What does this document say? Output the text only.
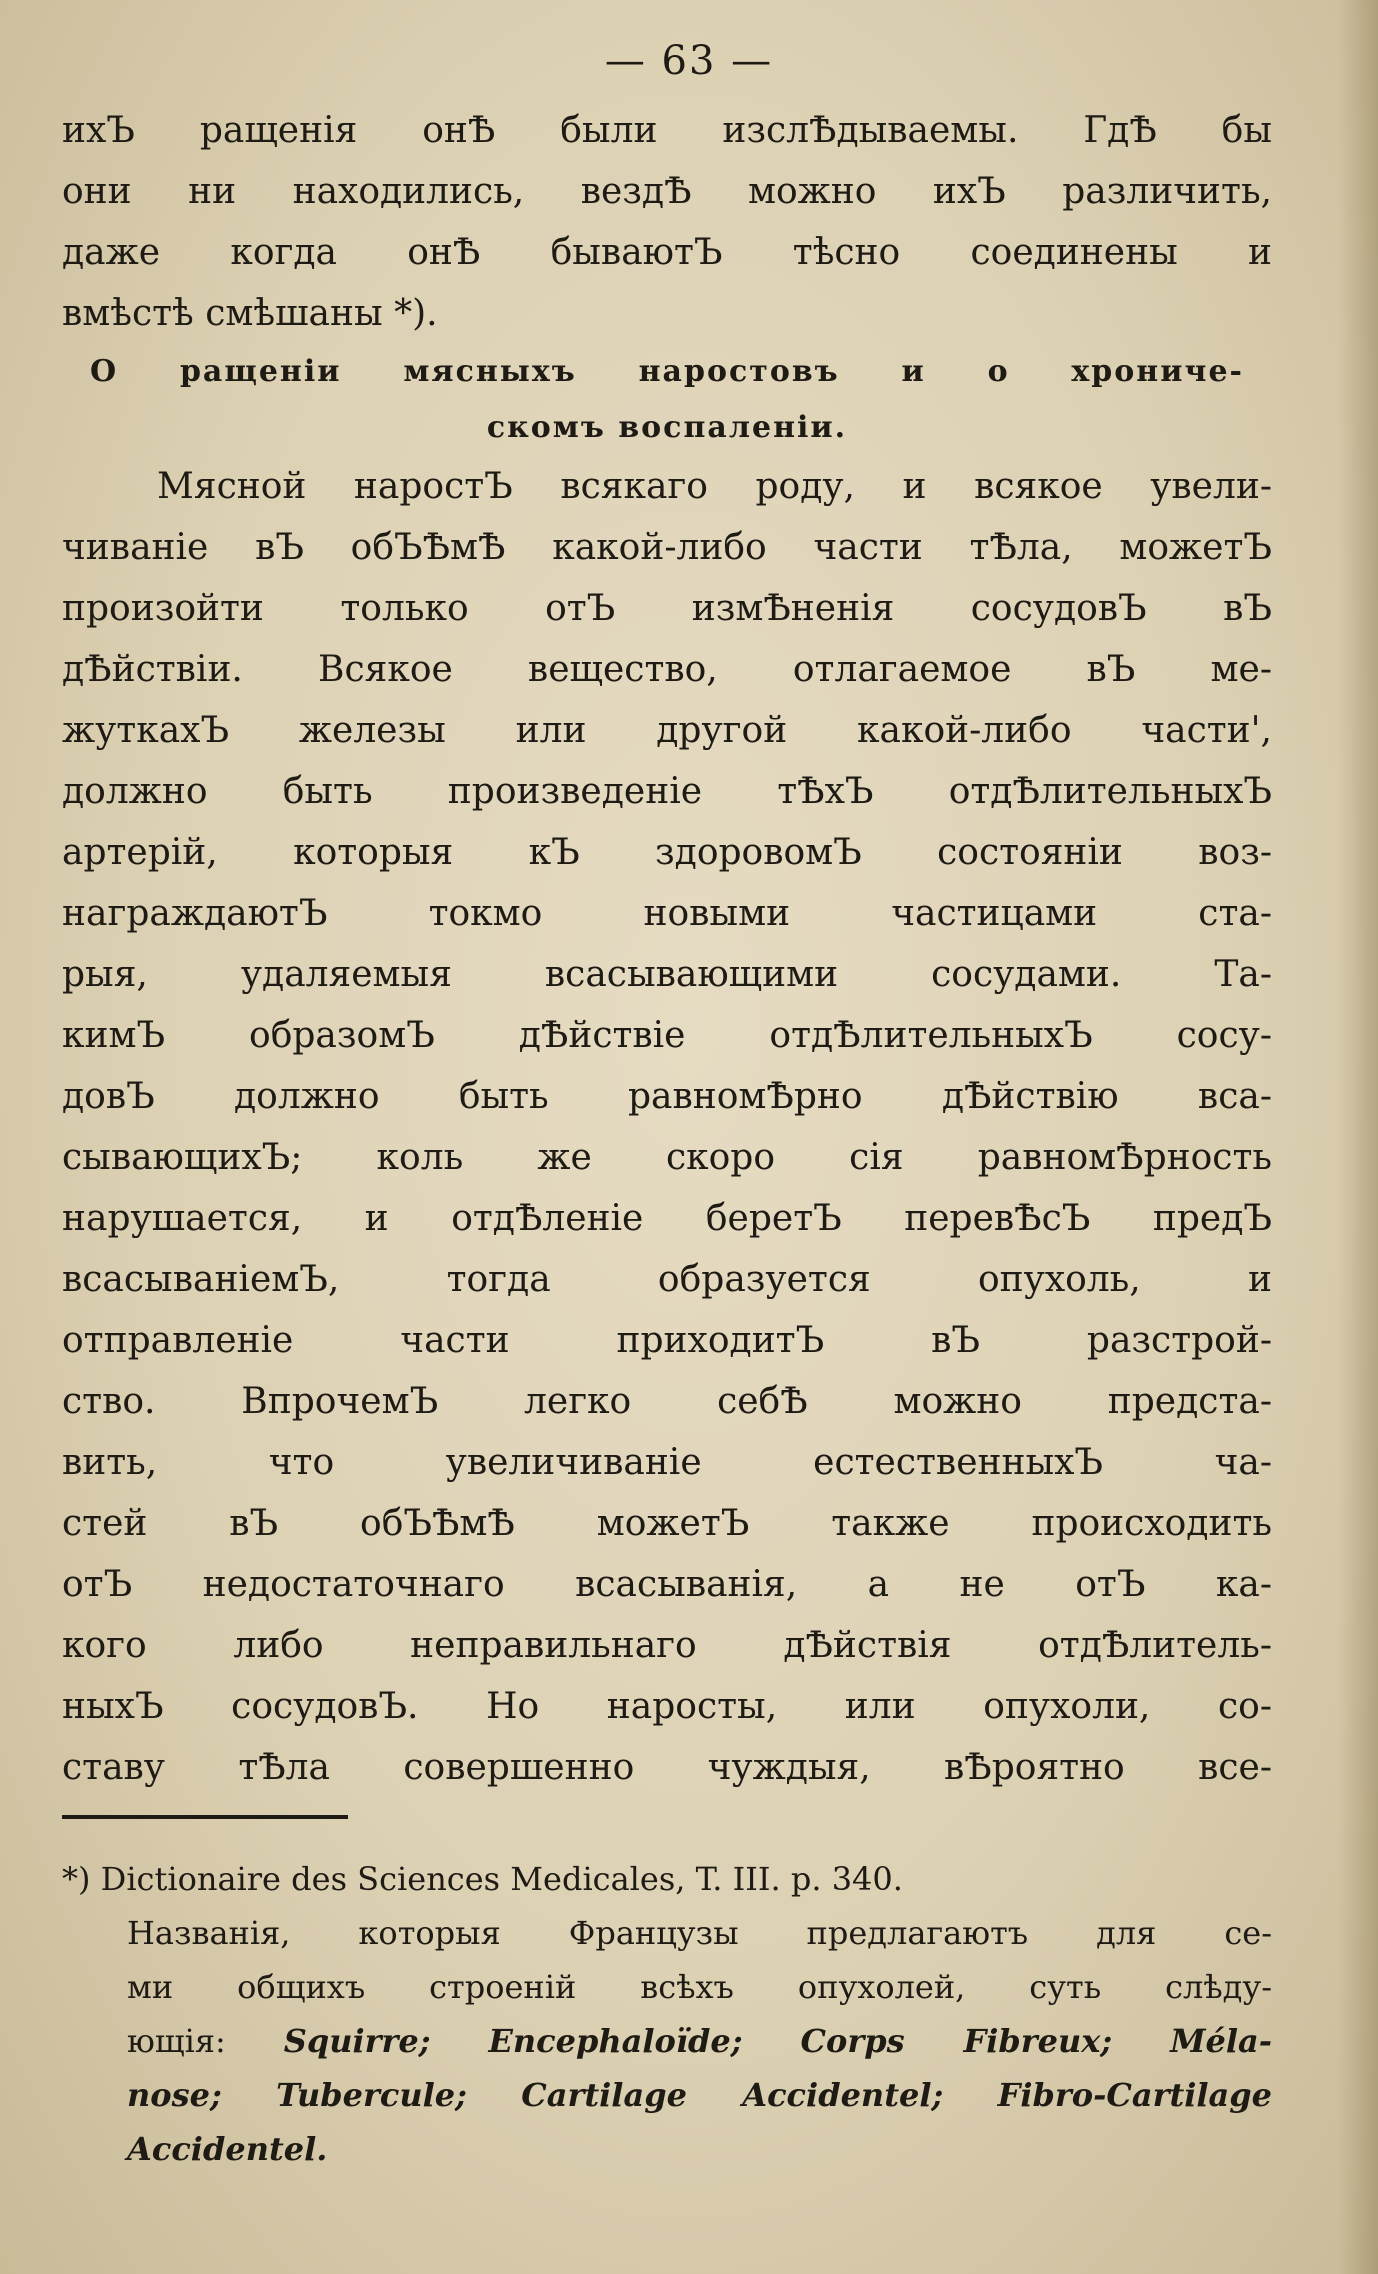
— 63 —
ихЪ ращенія онѢ были изслѢдываемы. ГдѢ бы
они ни находились, вездѢ можно ихЪ различить,
даже когда онѢ бываютЪ тѣсно соединены и
вмѣстѣ смѣшаны *).
О ращеніи мясныхъ наростовъ и о хрониче-
скомъ воспаленіи.
Мясной наростЪ всякаго роду, и всякое увели-
чиваніе вЪ обЪѢмѢ какой-либо части тѢла, можетЪ
произойти только отЪ измѢненія сосудовЪ вЪ
дѢйствіи. Всякое вещество, отлагаемое вЪ ме-
жуткахЪ железы или другой какой-либо части',
должно быть произведеніе тѢхЪ отдѢлительныхЪ
артерій, которыя кЪ здоровомЪ состояніи воз-
награждаютЪ токмо новыми частицами ста-
рыя, удаляемыя всасывающими сосудами. Та-
кимЪ образомЪ дѢйствіе отдѢлительныхЪ сосу-
довЪ должно быть равномѢрно дѢйствію вса-
сывающихЪ; коль же скоро сія равномѢрность
нарушается, и отдѢленіе беретЪ перевѢсЪ предЪ
всасываніемЪ, тогда образуется опухоль, и
отправленіе части приходитЪ вЪ разстрой-
ство. ВпрочемЪ легко себѢ можно предста-
вить, что увеличиваніе естественныхЪ ча-
стей вЪ обЪѢмѢ можетЪ также происходить
отЪ недостаточнаго всасыванія, а не отЪ ка-
кого либо неправильнаго дѢйствія отдѢлитель-
ныхЪ сосудовЪ. Но наросты, или опухоли, со-
ставу тѢла совершенно чуждыя, вѢроятно все-
*) Dictionaire des Sciences Medicales, T. III. p. 340.
Названія, которыя Французы предлагаютъ для се-
ми общихъ строеній всѣхъ опухолей, суть слѣду-
ющія: Squirre; Encephaloïde; Corps Fibreux; Méla-
nose; Tubercule; Cartilage Accidentel; Fibro-Cartilage
Accidentel.
